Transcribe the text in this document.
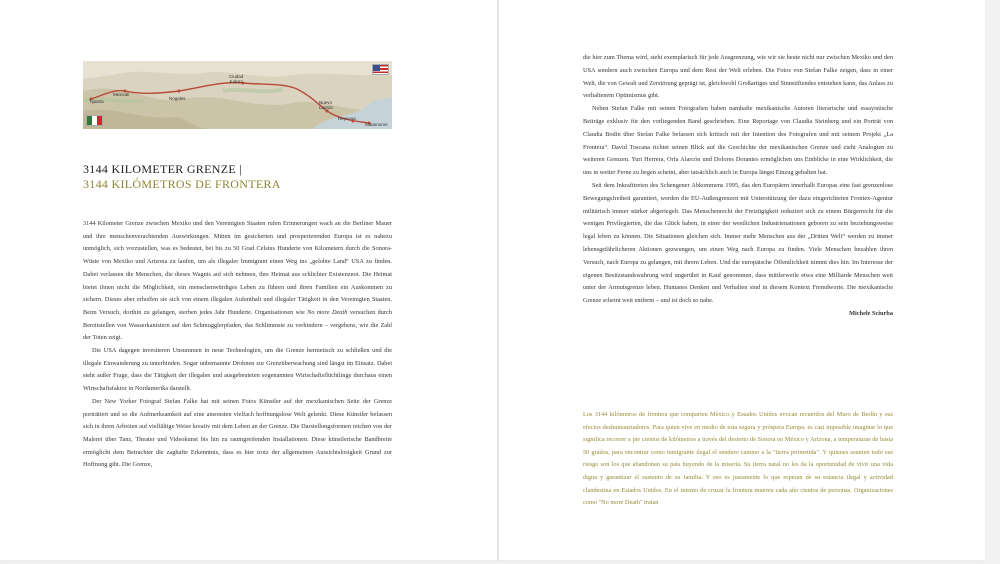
Tijuana
Mexicali
Nogales
Ciudad Juárez
Nuevo Laredo
Reynosa
Matamoros
3144 KILOMETER GRENZE |
3144 KILÓMETROS DE FRONTERA

3144 Kilometer Grenze zwischen Mexiko und den Vereinigten Staaten rufen Erinnerungen wach an die Berliner Mauer und ihre menschenverachtenden Auswirkungen. Mitten im gesicherten und prosperierenden Europa ist es nahezu unmöglich, sich vorzustellen, was es bedeutet, bei bis zu 50 Grad Celsius Hunderte von Kilometern durch die Sonora-Wüste von Mexiko und Arizona zu laufen, um als illegaler Immigrant einen Weg ins „gelobte Land“ USA zu finden. Dabei verlassen die Menschen, die dieses Wagnis auf sich nehmen, ihre Heimat aus schlichter Existenznot. Die Heimat bietet ihnen nicht die Möglichkeit, ein menschenwürdiges Leben zu führen und ihren Familien ein Auskommen zu sichern. Dieses aber erhoffen sie sich von einem illegalen Aufenthalt und illegaler Tätigkeit in den Vereinigten Staaten. Beim Versuch, dorthin zu gelangen, sterben jedes Jahr Hunderte. Organisationen wie No more Death versuchen durch Bereitstellen von Wasserkanistern auf den Schmugglerpfaden, das Schlimmste zu verhindern – vergebens, wie die Zahl der Toten zeigt.

Die USA dagegen investieren Unsummen in neue Technologien, um die Grenze hermetisch zu schließen und die illegale Einwanderung zu unterbinden. Sogar unbemannte Drohnen zur Grenzüberwachung sind längst im Einsatz. Dabei steht außer Frage, dass die Tätigkeit der illegalen und ausgebeuteten sogenannten Wirtschaftsflüchtlinge durchaus einen Wirtschaftsfaktor in Nordamerika darstellt.

Der New Yorker Fotograf Stefan Falke hat mit seinen Fotos Künstler auf der mexikanischen Seite der Grenze porträtiert und so die Aufmerksamkeit auf eine ansonsten vielfach hoffnungslose Welt gelenkt. Diese Künstler befassen sich in ihren Arbeiten auf vielfältige Weise kreativ mit dem Leben an der Grenze. Die Darstellungsformen reichen von der Malerei über Tanz, Theater und Videokunst bis hin zu raumgreifenden Installationen. Diese künstlerische Bandbreite ermöglicht dem Betrachter die zaghafte Erkenntnis, dass es hier trotz der allgemeinen Aussichtslosigkeit Grund zur Hoffnung gibt. Die Grenze,

die hier zum Thema wird, steht exemplarisch für jede Ausgrenzung, wie wir sie heute nicht nur zwischen Mexiko und den USA sondern auch zwischen Europa und dem Rest der Welt erleben. Die Fotos von Stefan Falke zeigen, dass in einer Welt, die von Gewalt und Zerstörung geprägt ist, gleichwohl Großartiges und Sinnstiftendes entstehen kann, das Anlass zu verhaltenem Optimismus gibt.

Neben Stefan Falke mit seinen Fotografien haben namhafte mexikanische Autoren literarische und essayistische Beiträge exklusiv für den vorliegenden Band geschrieben. Eine Reportage von Claudia Steinberg und ein Porträt von Claudia Bodin über Stefan Falke befassen sich kritisch mit der Intention des Fotografen und mit seinem Projekt „La Frontera“. David Toscana richtet seinen Blick auf die Geschichte der mexikanischen Grenze und zieht Analogien zu weiteren Grenzen. Yuri Herrera, Orfa Alarcón und Dolores Dorantes ermöglichen uns Einblicke in eine Wirklichkeit, die uns in weiter Ferne zu liegen scheint, aber tatsächlich auch in Europa längst Einzug gehalten hat.

Seit dem Inkrafttreten des Schengener Abkommens 1995, das den Europäern innerhalb Europas eine fast grenzenlose Bewegungsfreiheit garantiert, werden die EU-Außengrenzen mit Unterstützung der dazu eingerichteten Frontex-Agentur militärisch immer stärker abgeriegelt. Das Menschenrecht der Freizügigkeit reduziert sich zu einem Bürgerrecht für die wenigen Privilegierten, die das Glück haben, in einer der westlichen Industrienationen geboren zu sein beziehungsweise legal leben zu können. Die Situationen gleichen sich. Immer mehr Menschen aus der „Dritten Welt“ werden zu immer lebensgefährlicheren Aktionen gezwungen, um einen Weg nach Europa zu finden. Viele Menschen bezahlen ihren Versuch, nach Europa zu gelangen, mit ihrem Leben. Und die europäische Öffentlichkeit nimmt dies hin. Im Interesse der eigenen Besitzstandswahrung wird ungerührt in Kauf genommen, dass mittlerweile etwa eine Milliarde Menschen weit unter der Armutsgrenze leben. Humanes Denken und Verhalten sind in diesem Kontext Fremdworte. Die mexikanische Grenze scheint weit entfernt – und ist doch so nahe.

Michele Sciurba

Los 3144 kilómetros de frontera que comparten México y Estados Unidos evocan recuerdos del Muro de Berlín y sus efectos deshumanizadores. Para quien vive en medio de esta segura y próspera Europa, es casi imposible imaginar lo que significa recorrer a pie cientos de kilómetros a través del desierto de Sonora en México y Arizona, a temperaturas de hasta 50 grados, para encontrar como inmigrante ilegal el sendero camino a la "tierra prometida". Y quienes asumen todo ese riesgo son los que abandonan su país huyendo de la miseria. Su tierra natal no les da la oportunidad de vivir una vida digna y garantizar el sustento de su familia. Y eso es justamente lo que esperan de su estancia ilegal y actividad clandestina en Estados Unidos. En el intento de cruzar la frontera mueren cada año cientos de personas. Organizaciones como "No more Death" tratan
